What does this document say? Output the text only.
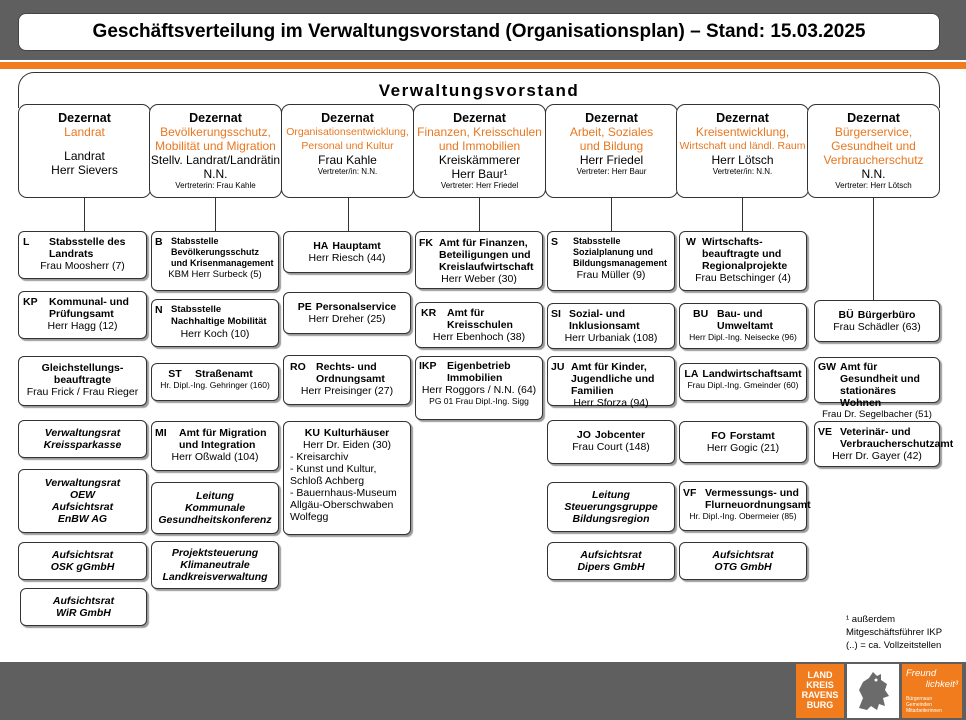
Geschäftsverteilung im Verwaltungsvorstand (Organisationsplan) – Stand: 15.03.2025
Verwaltungsvorstand
Dezernat
Landrat
Landrat
Herr Sievers
Dezernat
Bevölkerungsschutz,
Mobilität und Migration
Stellv. Landrat/Landrätin
N.N.
Vertreterin: Frau Kahle
Dezernat
Organisationsentwicklung,
Personal und Kultur
Frau Kahle
Vertreter/in: N.N.
Dezernat
Finanzen, Kreisschulen
und Immobilien
Kreiskämmerer
Herr Baur¹
Vertreter: Herr Friedel
Dezernat
Arbeit, Soziales
und Bildung
Herr Friedel
Vertreter: Herr Baur
Dezernat
Kreisentwicklung,
Wirtschaft und ländl. Raum
Herr Lötsch
Vertreter/in: N.N.
Dezernat
Bürgerservice,
Gesundheit und
Verbraucherschutz
N.N.
Vertreter: Herr Lötsch
L	Stabsstelle des Landrats
Frau Moosherr (7)
KP	Kommunal- und Prüfungsamt
Herr Hagg (12)
Gleichstellungs-beauftragte
Frau Frick / Frau Rieger
Verwaltungsrat
Kreissparkasse
Verwaltungsrat
OEW
Aufsichtsrat
EnBW AG
Aufsichtsrat
OSK gGmbH
Aufsichtsrat
WiR GmbH
B Stabsstelle Bevölkerungsschutz und Krisenmanagement
KBM Herr Surbeck (5)
N Stabsstelle Nachhaltige Mobilität
Herr Koch (10)
ST	Straßenamt
Hr. Dipl.-Ing. Gehringer (160)
MI	Amt für Migration und Integration
Herr Oßwald (104)
Leitung
Kommunale
Gesundheitskonferenz
Projektsteuerung
Klimaneutrale
Landkreisverwaltung
HA Hauptamt
Herr Riesch (44)
PE Personalservice
Herr Dreher (25)
RO Rechts- und Ordnungsamt
Herr Preisinger (27)
KU Kulturhäuser
Herr Dr. Eiden (30)
- Kreisarchiv
- Kunst und Kultur,
Schloß Achberg
- Bauernhaus-Museum
Allgäu-Oberschwaben
Wolfegg
FK Amt für Finanzen, Beteiligungen und Kreislaufwirtschaft
Herr Weber (30)
KR	Amt für Kreisschulen
Herr Ebenhoch (38)
IKP Eigenbetrieb Immobilien
Herr Roggors / N.N. (64)
PG 01 Frau Dipl.-Ing. Sigg
S	Stabsstelle Sozialplanung und Bildungsmanagement
Frau Müller (9)
SI Sozial- und Inklusionsamt
Herr Urbaniak (108)
JU Amt für Kinder, Jugendliche und Familien
Herr Sforza (94)
JO Jobcenter
Frau Court (148)
Leitung
Steuerungsgruppe
Bildungsregion
Aufsichtsrat
Dipers GmbH
W Wirtschafts-beauftragte und Regionalprojekte
Frau Betschinger (4)
BU Bau- und Umweltamt
Herr Dipl.-Ing. Neisecke (96)
LA Landwirtschaftsamt
Frau Dipl.-Ing. Gmeinder (60)
FO Forstamt
Herr Gogic (21)
VF Vermessungs- und Flurneuordnungsamt
Hr. Dipl.-Ing. Obermeier (85)
Aufsichtsrat
OTG GmbH
BÜ Bürgerbüro
Frau Schädler (63)
GW Amt für Gesundheit und stationäres Wohnen
Frau Dr. Segelbacher (51)
VE Veterinär- und Verbraucherschutzamt
Herr Dr. Gayer (42)
¹ außerdem
Mitgeschäftsführer IKP
(..) = ca. Vollzeitstellen
LAND
KREIS
RAVENS
BURG
Freund
lichkeit³
Bürgernaun Gemeinden Mitarbeiterinnen
